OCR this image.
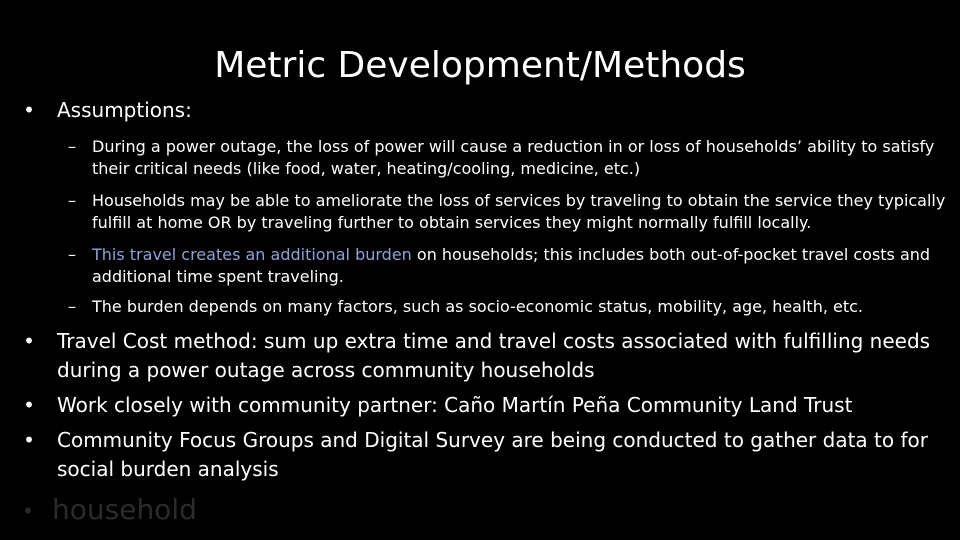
Metric Development/Methods
•	Assumptions:
–	During a power outage, the loss of power will cause a reduction in or loss of households’ ability to satisfy their critical needs (like food, water, heating/cooling, medicine, etc.)
–	Households may be able to ameliorate the loss of services by traveling to obtain the service they typically fulfill at home OR by traveling further to obtain services they might normally fulfill locally.
–	This travel creates an additional burden on households; this includes both out-of-pocket travel costs and additional time spent traveling.
–	The burden depends on many factors, such as socio-economic status, mobility, age, health, etc.
•	Travel Cost method: sum up extra time and travel costs associated with fulfilling needs during a power outage across community households
•	Work closely with community partner: Caño Martín Peña Community Land Trust
•	Community Focus Groups and Digital Survey are being conducted to gather data to for social burden analysis
• household
